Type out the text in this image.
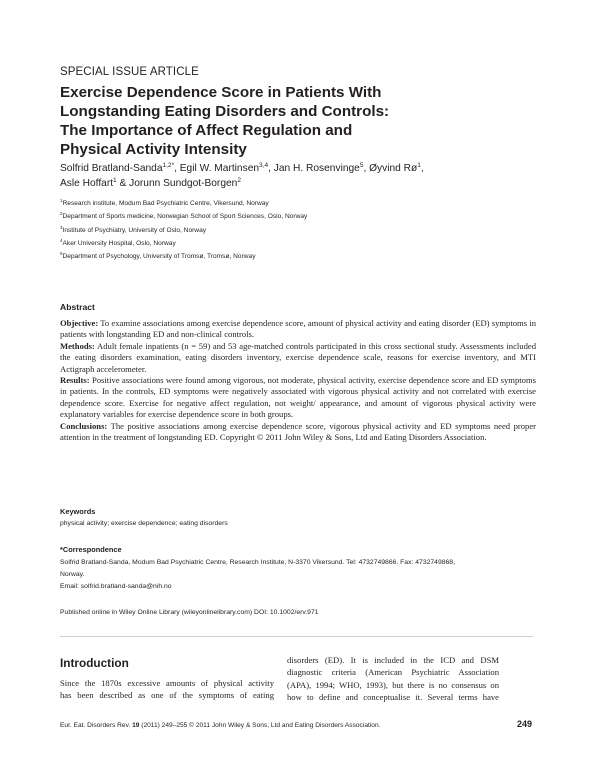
SPECIAL ISSUE ARTICLE
Exercise Dependence Score in Patients With
Longstanding Eating Disorders and Controls:
The Importance of Affect Regulation and
Physical Activity Intensity
Solfrid Bratland-Sanda$^{1,2*}$, Egil W. Martinsen$^{3,4}$, Jan H. Rosenvinge$^5$, Øyvind $Rø^1$,
Asle Hoffart$^1$ & Jorunn Sundgot-Borgen$^2$
$^1$Research institute, Modum Bad Psychiatric Centre, Vikersund, Norway
$^2$Department of Sports medicine, Norwegian School of Sport Sciences, Oslo, Norway
$^3$Institute of Psychiatry, University of Oslo, Norway
$^4$Aker University Hospital, Oslo, Norway
$^5$Department of Psychology, University of Tromsø, Tromsø, Norway
Abstract

Objective: To examine associations among exercise dependence score, amount of physical activity and eating disorder (ED) symptoms in patients with longstanding ED and non-clinical controls.

Methods: Adult female inpatients (n = 59) and 53 age-matched controls participated in this cross sectional study. Assessments included the eating disorders examination, eating disorders inventory, exercise dependence scale, reasons for exercise inventory, and MTI Actigraph accelerometer.

Results: Positive associations were found among vigorous, not moderate, physical activity, exercise dependence score and ED symptoms in patients. In the controls, ED symptoms were negatively associated with vigorous physical activity and not correlated with exercise dependence score. Exercise for negative affect regulation, not weight/ appearance, and amount of vigorous physical activity were explanatory variables for exercise dependence score in both groups.

Conclusions: The positive associations among exercise dependence score, vigorous physical activity and ED symptoms need proper attention in the treatment of longstanding ED. Copyright © 2011 John Wiley & Sons, Ltd and Eating Disorders Association.

Keywords
physical activity; exercise dependence; eating disorders
*Correspondence
Solfrid Bratland-Sanda, Modum Bad Psychiatric Centre, Research Institute, N-3370 Vikersund. Tel: 4732749866. Fax: 4732749868,
Norway.
Email: solfrid.bratland-sanda@nih.no
Published online in Wiley Online Library (wileyonlinelibrary.com) DOI: 10.1002/erv.971
Introduction
Since the 1870s excessive amounts of physical activity
has been described as one of the symptoms of eating
disorders (ED). It is included in the ICD and DSM
diagnostic criteria (American Psychiatric Association
(APA), 1994; WHO, 1993), but there is no consensus on
how to define and conceptualise it. Several terms have
Eur. Eat. Disorders Rev. 19 (2011) 249–255 © 2011 John Wiley & Sons, Ltd and Eating Disorders Association.	249
